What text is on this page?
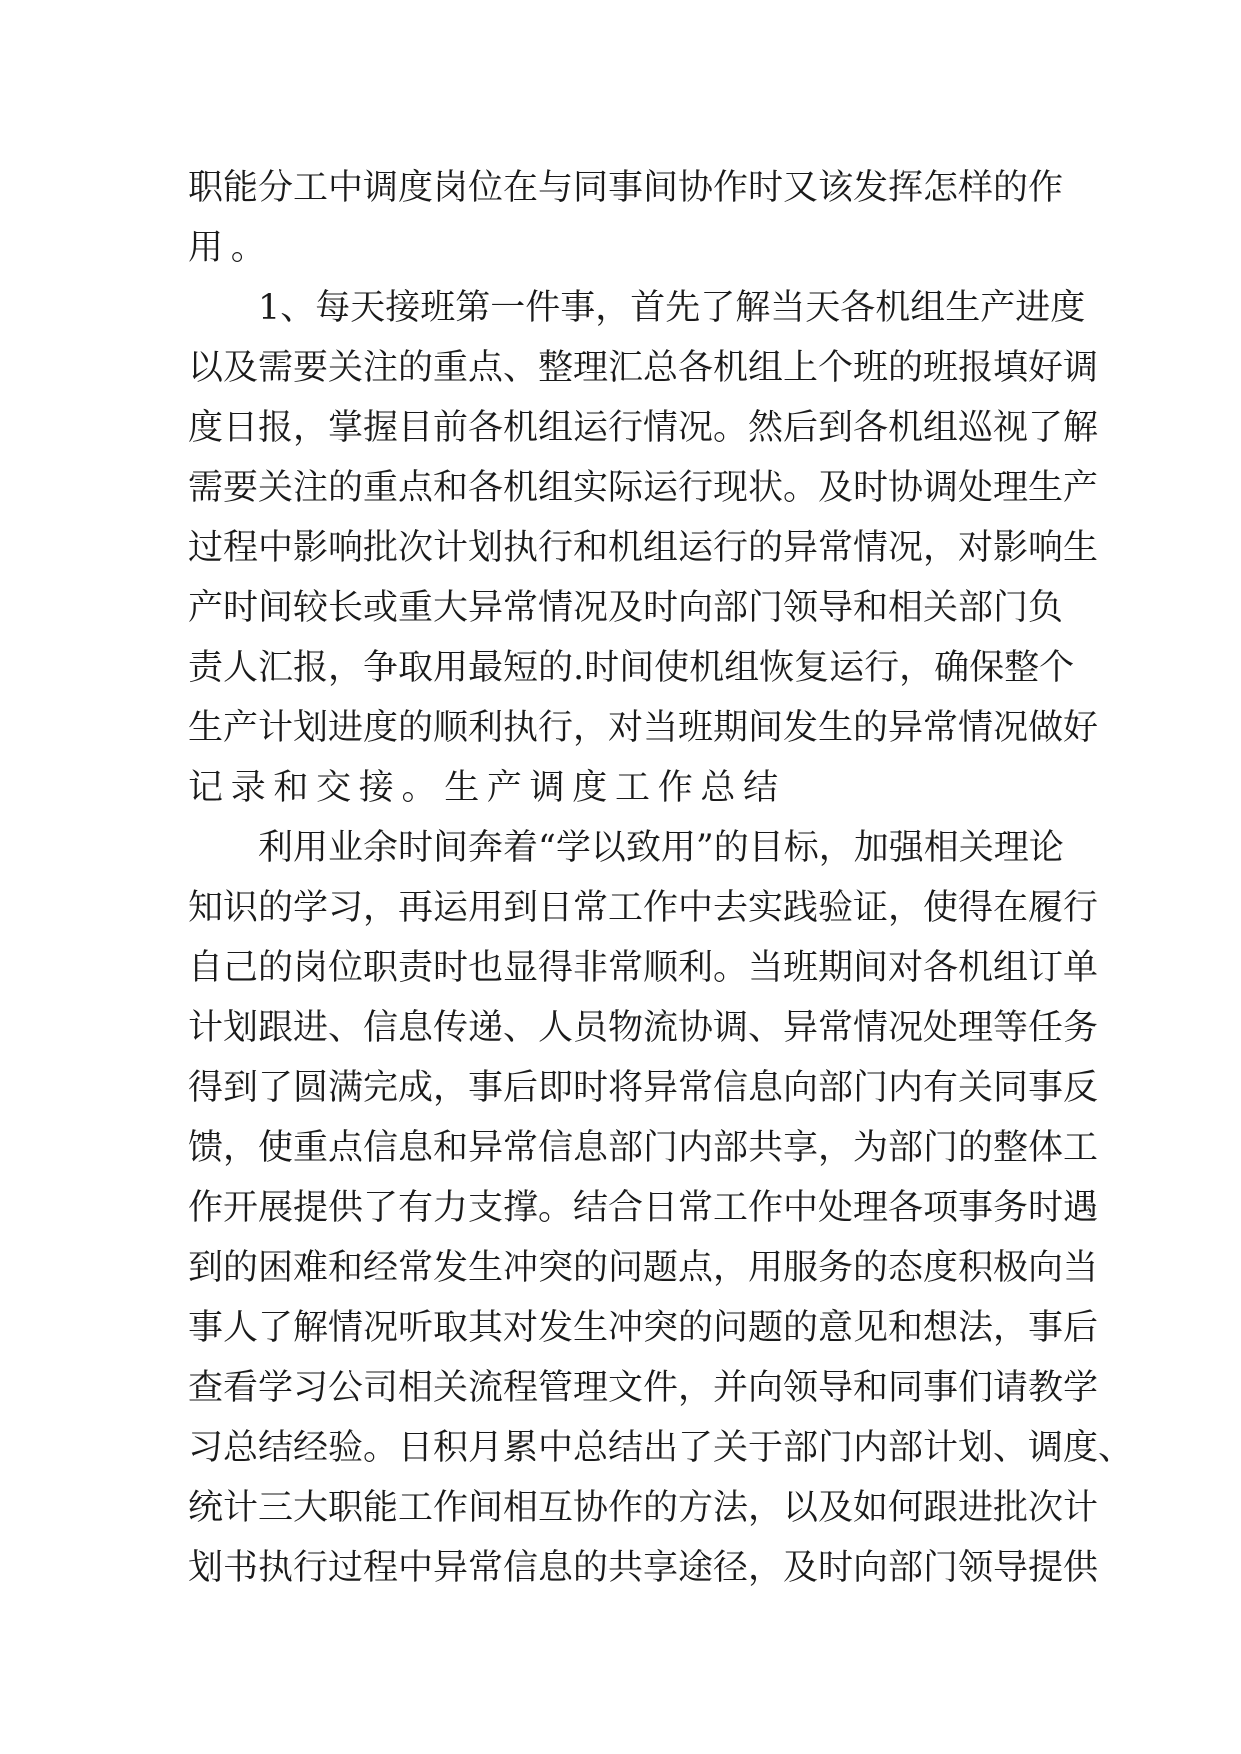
职能分工中调度岗位在与同事间协作时又该发挥怎样的作
用。
1、每天接班第一件事，首先了解当天各机组生产进度
以及需要关注的重点、整理汇总各机组上个班的班报填好调
度日报，掌握目前各机组运行情况。然后到各机组巡视了解
需要关注的重点和各机组实际运行现状。及时协调处理生产
过程中影响批次计划执行和机组运行的异常情况，对影响生
产时间较长或重大异常情况及时向部门领导和相关部门负
责人汇报，争取用最短的.时间使机组恢复运行，确保整个
生产计划进度的顺利执行，对当班期间发生的异常情况做好
记录和交接。生产调度工作总结
利用业余时间奔着“学以致用”的目标，加强相关理论
知识的学习，再运用到日常工作中去实践验证，使得在履行
自己的岗位职责时也显得非常顺利。当班期间对各机组订单
计划跟进、信息传递、人员物流协调、异常情况处理等任务
得到了圆满完成，事后即时将异常信息向部门内有关同事反
馈，使重点信息和异常信息部门内部共享，为部门的整体工
作开展提供了有力支撑。结合日常工作中处理各项事务时遇
到的困难和经常发生冲突的问题点，用服务的态度积极向当
事人了解情况听取其对发生冲突的问题的意见和想法，事后
查看学习公司相关流程管理文件，并向领导和同事们请教学
习总结经验。日积月累中总结出了关于部门内部计划、调度、
统计三大职能工作间相互协作的方法，以及如何跟进批次计
划书执行过程中异常信息的共享途径，及时向部门领导提供
